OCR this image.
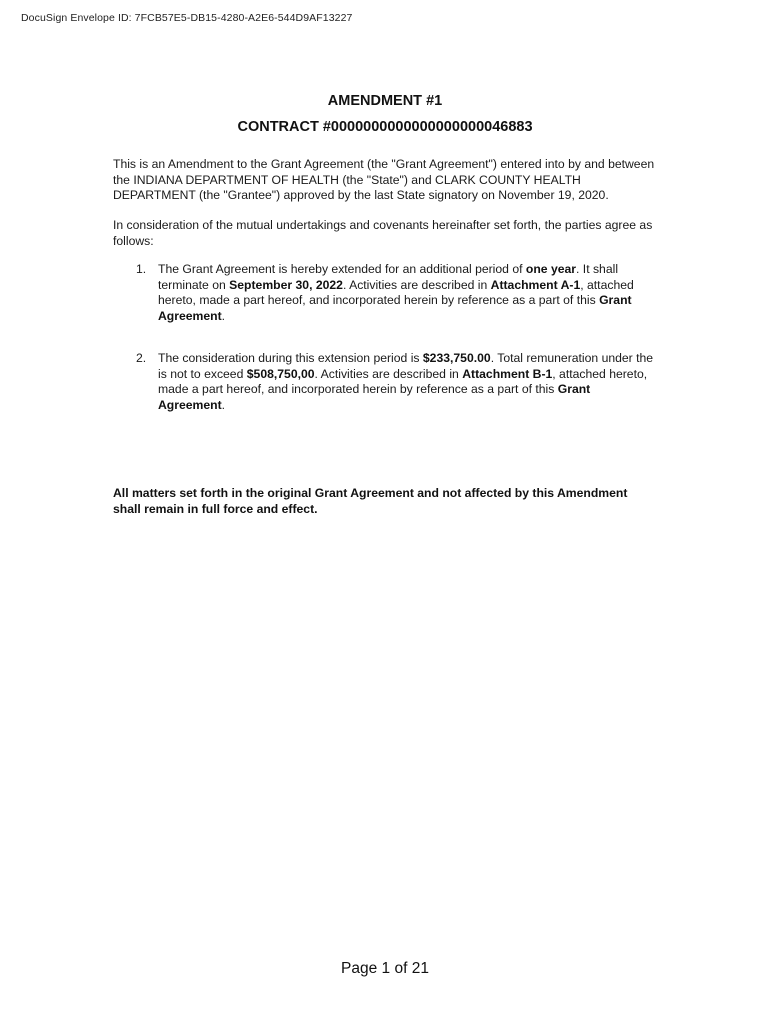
DocuSign Envelope ID: 7FCB57E5-DB15-4280-A2E6-544D9AF13227
AMENDMENT #1
CONTRACT #0000000000000000000046883
This is an Amendment to the Grant Agreement (the "Grant Agreement") entered into by and between the INDIANA DEPARTMENT OF HEALTH (the "State") and CLARK COUNTY HEALTH DEPARTMENT (the "Grantee") approved by the last State signatory on November 19, 2020.
In consideration of the mutual undertakings and covenants hereinafter set forth, the parties agree as follows:
1. The Grant Agreement is hereby extended for an additional period of one year. It shall terminate on September 30, 2022. Activities are described in Attachment A-1, attached hereto, made a part hereof, and incorporated herein by reference as a part of this Grant Agreement.
2. The consideration during this extension period is $233,750.00. Total remuneration under the is not to exceed $508,750,00. Activities are described in Attachment B-1, attached hereto, made a part hereof, and incorporated herein by reference as a part of this Grant Agreement.
All matters set forth in the original Grant Agreement and not affected by this Amendment shall remain in full force and effect.
Page 1 of 21
